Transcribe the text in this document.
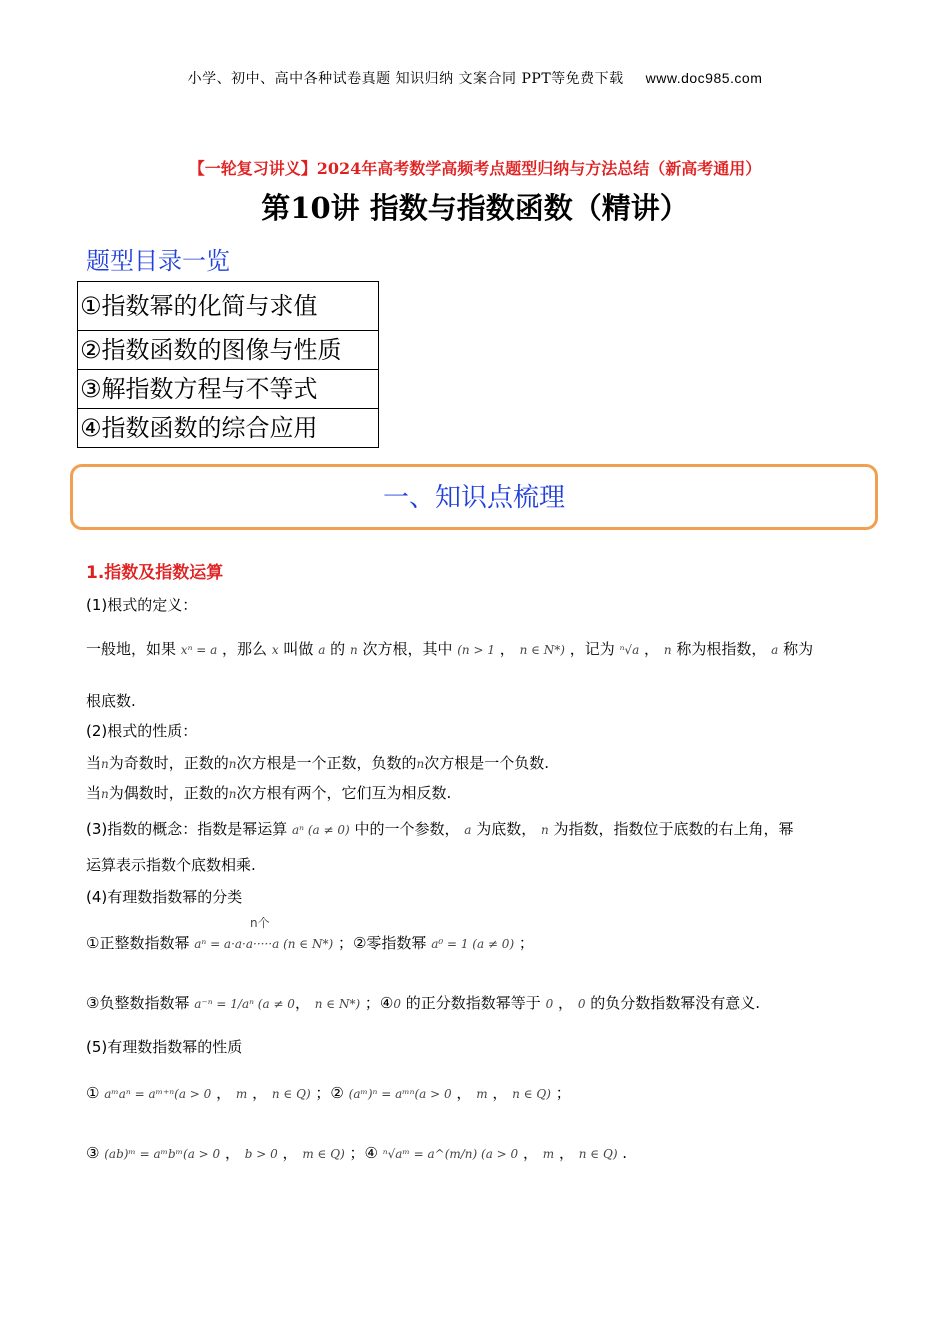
小学、初中、高中各种试卷真题 知识归纳 文案合同 PPT等免费下载 www.doc985.com
【一轮复习讲义】2024年高考数学高频考点题型归纳与方法总结（新高考通用）
第10讲 指数与指数函数（精讲）
题型目录一览
①指数幂的化简与求值
②指数函数的图像与性质
③解指数方程与不等式
④指数函数的综合应用
一、知识点梳理
1.指数及指数运算
(1)根式的定义：
一般地，如果 xⁿ = a ，那么 x 叫做 a 的 n 次方根，其中 (n > 1 ， n ∈ N*) ，记为 ⁿ√a ， n 称为根指数， a 称为
根底数.
(2)根式的性质：
当n为奇数时，正数的n次方根是一个正数，负数的n次方根是一个负数.
当n为偶数时，正数的n次方根有两个，它们互为相反数.
(3)指数的概念：指数是幂运算 aⁿ (a ≠ 0) 中的一个参数， a 为底数， n 为指数，指数位于底数的右上角，幂
运算表示指数个底数相乘.
(4)有理数指数幂的分类
n个
①正整数指数幂 aⁿ = a·a·a·····a (n ∈ N*) ；②零指数幂 a⁰ = 1 (a ≠ 0) ；
③负整数指数幂 a⁻ⁿ = 1/aⁿ (a ≠ 0， n ∈ N*) ；④0 的正分数指数幂等于 0 ， 0 的负分数指数幂没有意义.
(5)有理数指数幂的性质
① aᵐaⁿ = aᵐ⁺ⁿ(a > 0 ， m ， n ∈ Q) ；② (aᵐ)ⁿ = aᵐⁿ(a > 0 ， m ， n ∈ Q) ；
③ (ab)ᵐ = aᵐbᵐ(a > 0 ， b > 0 ， m ∈ Q) ；④ ⁿ√aᵐ = a^(m/n) (a > 0 ， m ， n ∈ Q) .
